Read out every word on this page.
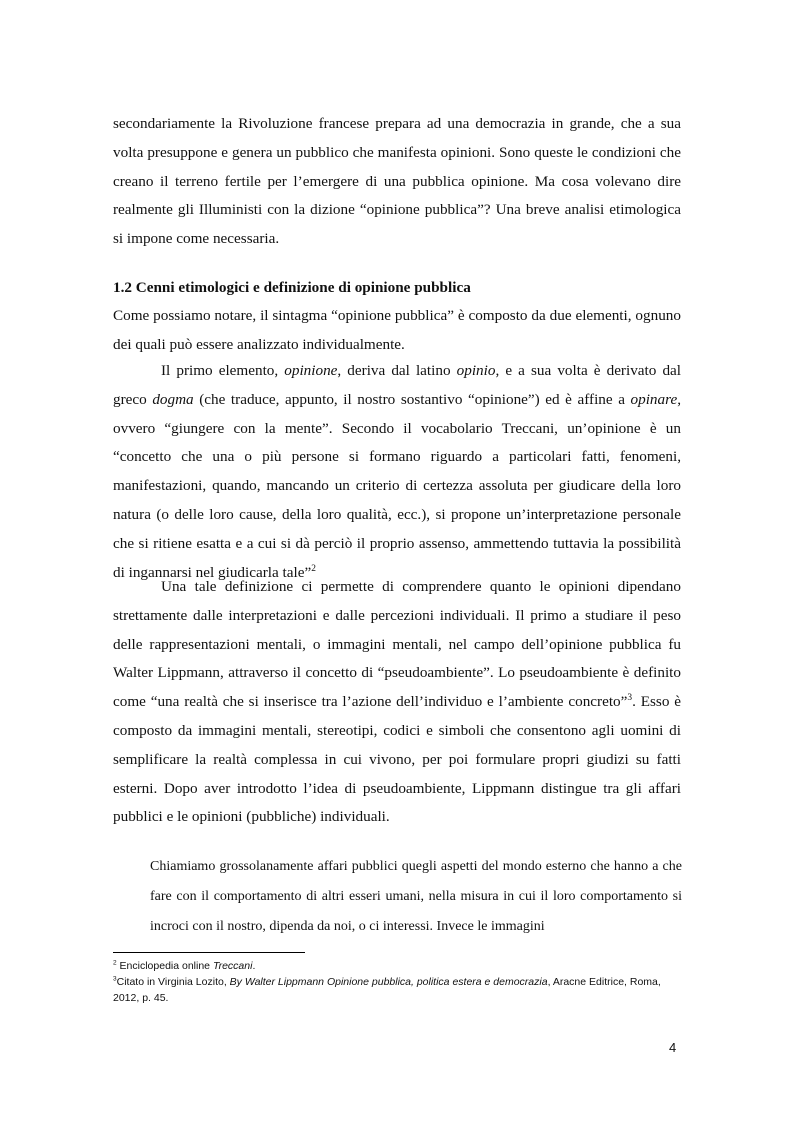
secondariamente la Rivoluzione francese prepara ad una democrazia in grande, che a sua volta presuppone e genera un pubblico che manifesta opinioni. Sono queste le condizioni che creano il terreno fertile per l’emergere di una pubblica opinione. Ma cosa volevano dire realmente gli Illuministi con la dizione “opinione pubblica”? Una breve analisi etimologica si impone come necessaria.

1.2 Cenni etimologici e definizione di opinione pubblica

Come possiamo notare, il sintagma “opinione pubblica” è composto da due elementi, ognuno dei quali può essere analizzato individualmente.

Il primo elemento, opinione, deriva dal latino opinio, e a sua volta è derivato dal greco dogma (che traduce, appunto, il nostro sostantivo “opinione”) ed è affine a opinare, ovvero “giungere con la mente”. Secondo il vocabolario Treccani, un’opinione è un “concetto che una o più persone si formano riguardo a particolari fatti, fenomeni, manifestazioni, quando, mancando un criterio di certezza assoluta per giudicare della loro natura (o delle loro cause, della loro qualità, ecc.), si propone un’interpretazione personale che si ritiene esatta e a cui si dà perciò il proprio assenso, ammettendo tuttavia la possibilità di ingannarsi nel giudicarla tale”$^2$

Una tale definizione ci permette di comprendere quanto le opinioni dipendano strettamente dalle interpretazioni e dalle percezioni individuali. Il primo a studiare il peso delle rappresentazioni mentali, o immagini mentali, nel campo dell’opinione pubblica fu Walter Lippmann, attraverso il concetto di “pseudoambiente”. Lo pseudoambiente è definito come “una realtà che si inserisce tra l’azione dell’individuo e l’ambiente concreto”$^3$. Esso è composto da immagini mentali, stereotipi, codici e simboli che consentono agli uomini di semplificare la realtà complessa in cui vivono, per poi formulare propri giudizi su fatti esterni. Dopo aver introdotto l’idea di pseudoambiente, Lippmann distingue tra gli affari pubblici e le opinioni (pubbliche) individuali.

Chiamiamo grossolanamente affari pubblici quegli aspetti del mondo esterno che hanno a che fare con il comportamento di altri esseri umani, nella misura in cui il loro comportamento si incroci con il nostro, dipenda da noi, o ci interessi. Invece le immagini

$^2$ Enciclopedia online Treccani.

$^3$Citato in Virginia Lozito, By Walter Lippmann Opinione pubblica, politica estera e democrazia, Aracne Editrice, Roma, 2012, p. 45.

4
